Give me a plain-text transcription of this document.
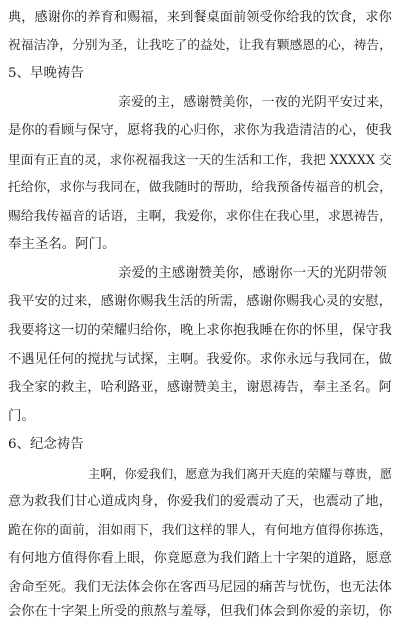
典，感谢你的养育和赐福，来到餐桌面前领受你给我的饮食，求你
祝福洁净，分别为圣，让我吃了的益处，让我有颗感恩的心，祷告，
5、早晚祷告
亲爱的主，感谢赞美你，一夜的光阴平安过来，
是你的看顾与保守，愿将我的心归你，求你为我造清洁的心，使我
里面有正直的灵，求你祝福我这一天的生活和工作，我把 XXXXX 交
托给你，求你与我同在，做我随时的帮助，给我预备传福音的机会，
赐给我传福音的话语，主啊，我爱你，求你住在我心里，求恩祷告，
奉主圣名。阿门。
亲爱的主感谢赞美你，感谢你一天的光阴带领
我平安的过来，感谢你赐我生活的所需，感谢你赐我心灵的安慰，
我要将这一切的荣耀归给你，晚上求你抱我睡在你的怀里，保守我
不遇见任何的搅扰与试探，主啊。我爱你。求你永远与我同在，做
我全家的救主，哈利路亚，感谢赞美主，谢恩祷告，奉主圣名。阿
门。
6、纪念祷告
主啊，你爱我们，愿意为我们离开天庭的荣耀与尊贵，愿
意为救我们甘心道成肉身，你爱我们的爱震动了天，也震动了地，
跪在你的面前，泪如雨下，我们这样的罪人，有何地方值得你拣选，
有何地方值得你看上眼，你竟愿意为我们踏上十字架的道路，愿意
舍命至死。我们无法体会你在客西马尼园的痛苦与忧伤，也无法体
会你在十字架上所受的煎熬与羞辱，但我们体会到你爱的亲切，你
